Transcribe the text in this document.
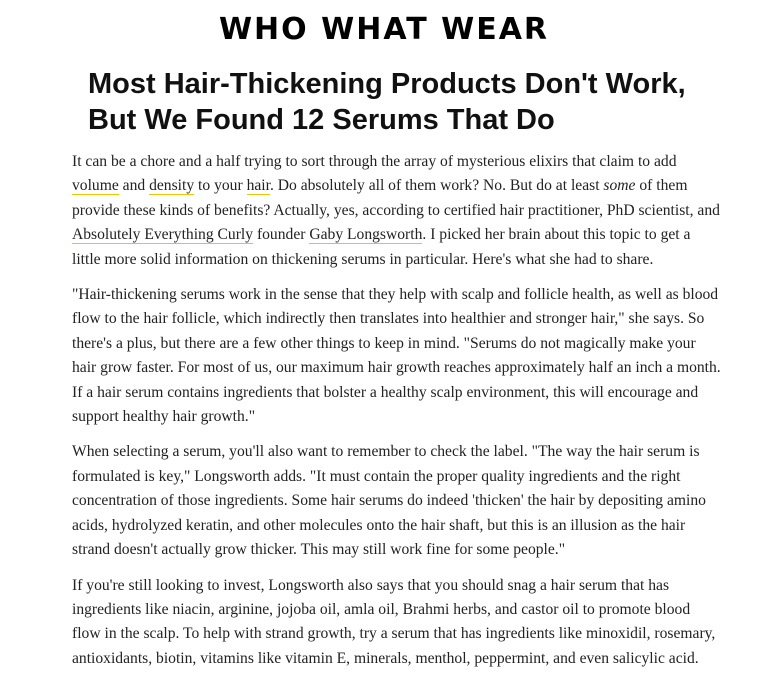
WHO WHAT WEAR
Most Hair-Thickening Products Don't Work, But We Found 12 Serums That Do

It can be a chore and a half trying to sort through the array of mysterious elixirs that claim to add volume and density to your hair. Do absolutely all of them work? No. But do at least some of them provide these kinds of benefits? Actually, yes, according to certified hair practitioner, PhD scientist, and Absolutely Everything Curly founder Gaby Longsworth. I picked her brain about this topic to get a little more solid information on thickening serums in particular. Here's what she had to share.

"Hair-thickening serums work in the sense that they help with scalp and follicle health, as well as blood flow to the hair follicle, which indirectly then translates into healthier and stronger hair," she says. So there's a plus, but there are a few other things to keep in mind. "Serums do not magically make your hair grow faster. For most of us, our maximum hair growth reaches approximately half an inch a month. If a hair serum contains ingredients that bolster a healthy scalp environment, this will encourage and support healthy hair growth."

When selecting a serum, you'll also want to remember to check the label. "The way the hair serum is formulated is key," Longsworth adds. "It must contain the proper quality ingredients and the right concentration of those ingredients. Some hair serums do indeed 'thicken' the hair by depositing amino acids, hydrolyzed keratin, and other molecules onto the hair shaft, but this is an illusion as the hair strand doesn't actually grow thicker. This may still work fine for some people."

If you're still looking to invest, Longsworth also says that you should snag a hair serum that has ingredients like niacin, arginine, jojoba oil, amla oil, Brahmi herbs, and castor oil to promote blood flow in the scalp. To help with strand growth, try a serum that has ingredients like minoxidil, rosemary, antioxidants, biotin, vitamins like vitamin E, minerals, menthol, peppermint, and even salicylic acid.
